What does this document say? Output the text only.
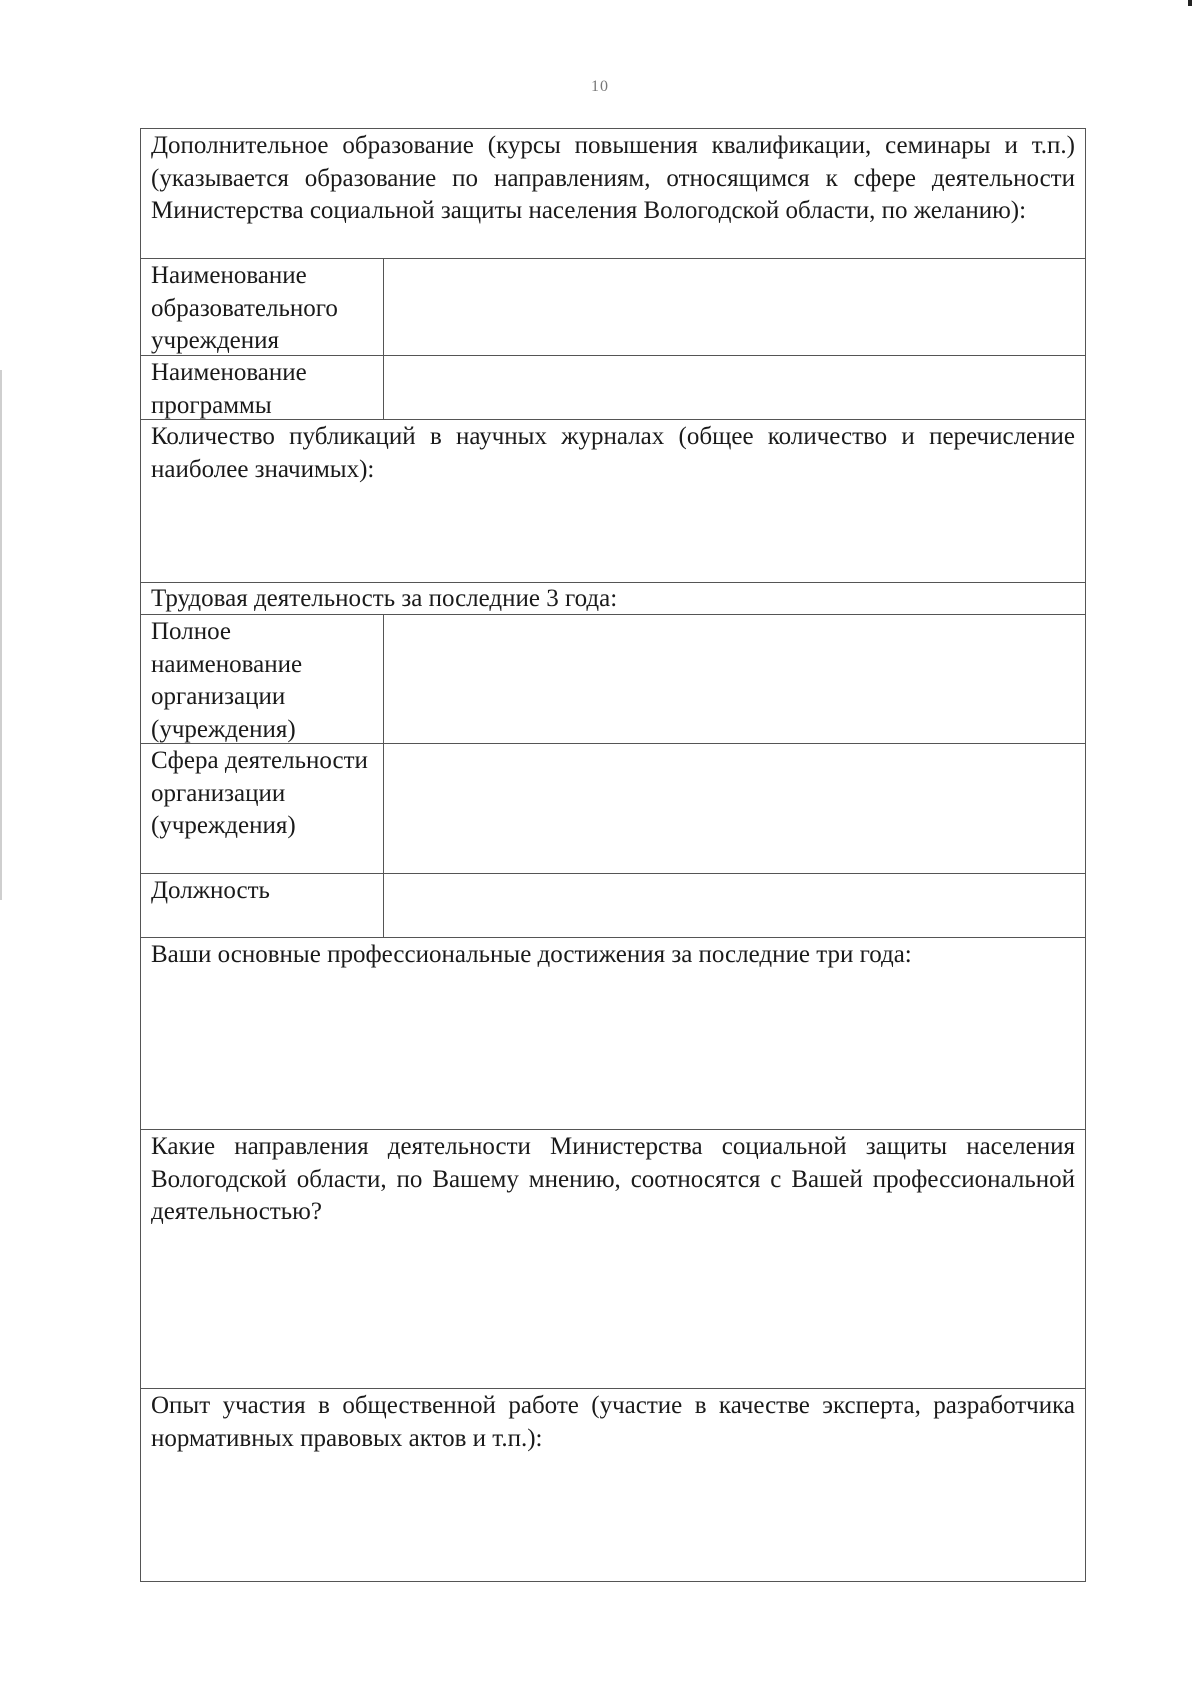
10
Дополнительное образование (курсы повышения квалификации, семинары и т.п.) (указывается образование по направлениям, относящимся к сфере деятельности Министерства социальной защиты населения Вологодской области, по желанию):
Наименование образовательного учреждения
Наименование программы
Количество публикаций в научных журналах (общее количество и перечисление наиболее значимых):
Трудовая деятельность за последние 3 года:
Полное наименование организации (учреждения)
Сфера деятельности организации (учреждения)
Должность
Ваши основные профессиональные достижения за последние три года:
Какие направления деятельности Министерства социальной защиты населения Вологодской области, по Вашему мнению, соотносятся с Вашей профессиональной деятельностью?
Опыт участия в общественной работе (участие в качестве эксперта, разработчика нормативных правовых актов и т.п.):
